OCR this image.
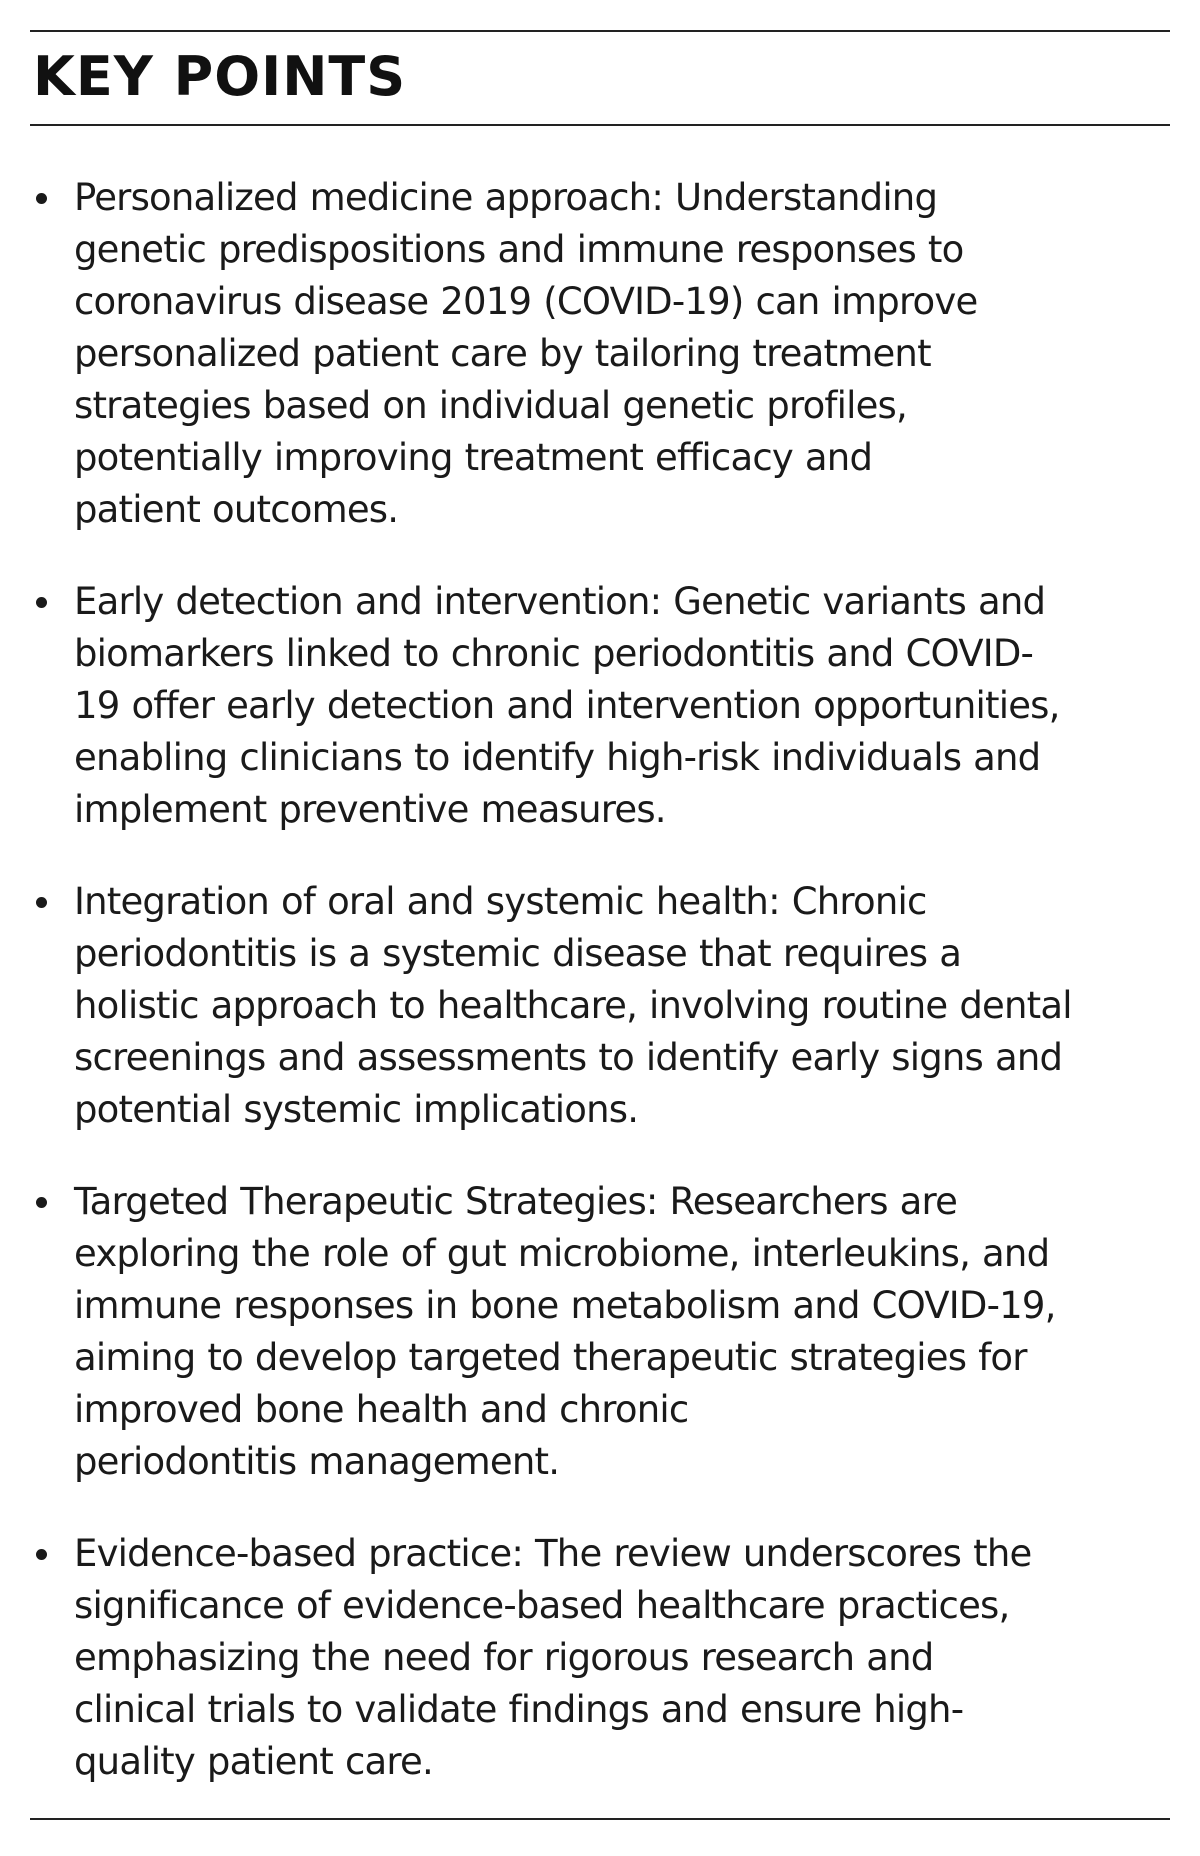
KEY POINTS
Personalized medicine approach: Understanding
genetic predispositions and immune responses to
coronavirus disease 2019 (COVID-19) can improve
personalized patient care by tailoring treatment
strategies based on individual genetic profiles,
potentially improving treatment efficacy and
patient outcomes.
Early detection and intervention: Genetic variants and
biomarkers linked to chronic periodontitis and COVID-
19 offer early detection and intervention opportunities,
enabling clinicians to identify high-risk individuals and
implement preventive measures.
Integration of oral and systemic health: Chronic
periodontitis is a systemic disease that requires a
holistic approach to healthcare, involving routine dental
screenings and assessments to identify early signs and
potential systemic implications.
Targeted Therapeutic Strategies: Researchers are
exploring the role of gut microbiome, interleukins, and
immune responses in bone metabolism and COVID-19,
aiming to develop targeted therapeutic strategies for
improved bone health and chronic
periodontitis management.
Evidence-based practice: The review underscores the
significance of evidence-based healthcare practices,
emphasizing the need for rigorous research and
clinical trials to validate findings and ensure high-
quality patient care.
